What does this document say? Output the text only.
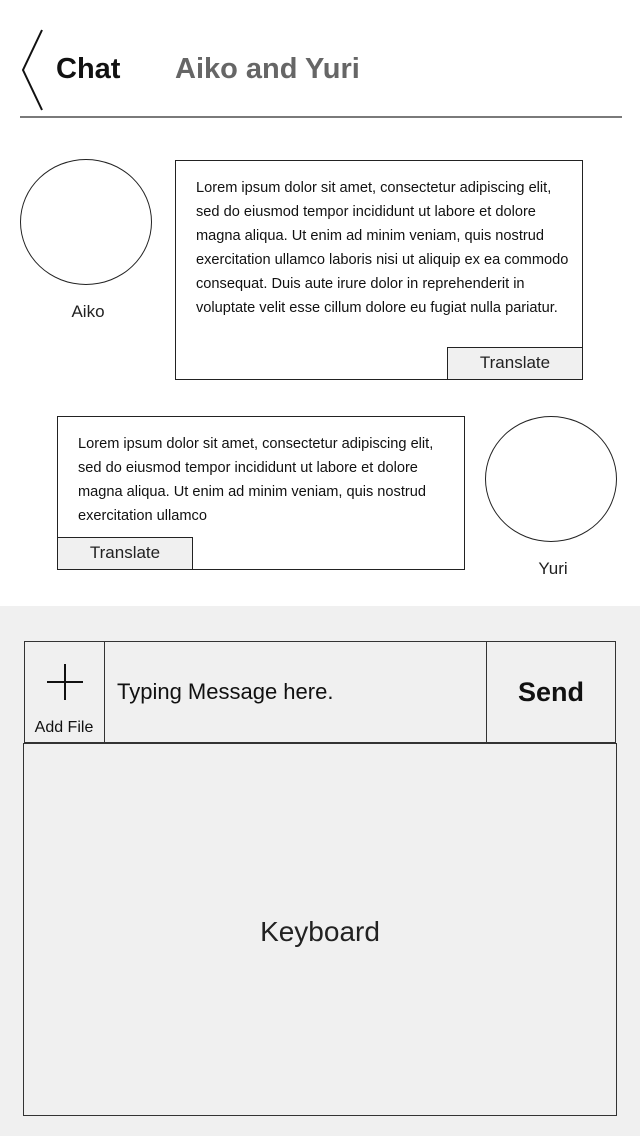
Chat Aiko and Yuri
Aiko

Lorem ipsum dolor sit amet, consectetur adipiscing elit, sed do eiusmod tempor incididunt ut labore et dolore magna aliqua. Ut enim ad minim veniam, quis nostrud exercitation ullamco laboris nisi ut aliquip ex ea commodo consequat. Duis aute irure dolor in reprehenderit in voluptate velit esse cillum dolore eu fugiat nulla pariatur.

Translate

Lorem ipsum dolor sit amet, consectetur adipiscing elit, sed do eiusmod tempor incididunt ut labore et dolore magna aliqua. Ut enim ad minim veniam, quis nostrud exercitation ullamco

Translate
Yuri
Add File
Typing Message here.
Send
Keyboard
